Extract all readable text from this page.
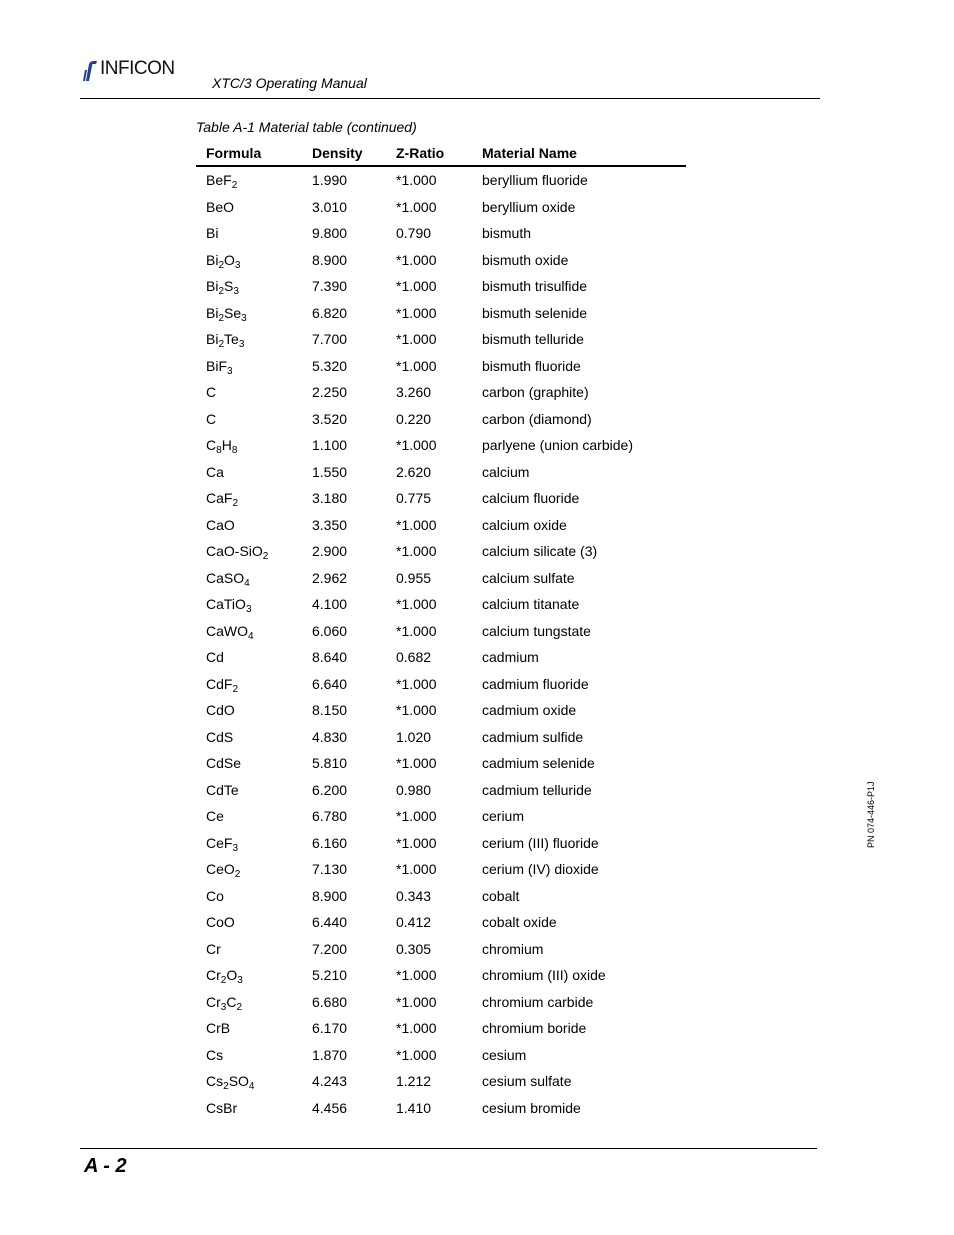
INFICON
XTC/3 Operating Manual
Table A-1 Material table (continued)
Formula	Density	Z-Ratio	Material Name
BeF$_2$	1.990	*1.000	beryllium fluoride
BeO	3.010	*1.000	beryllium oxide
Bi	9.800	0.790	bismuth
$Bi_2O_3$	8.900	*1.000	bismuth oxide
$Bi_2S_3$	7.390	*1.000	bismuth trisulfide
$Bi_2Se_3$	6.820	*1.000	bismuth selenide
$Bi_2Te_3$	7.700	*1.000	bismuth telluride
BiF$_3$	5.320	*1.000	bismuth fluoride
C	2.250	3.260	carbon (graphite)
C	3.520	0.220	carbon (diamond)
$C_8H_8$	1.100	*1.000	parlyene (union carbide)
Ca	1.550	2.620	calcium
CaF$_2$	3.180	0.775	calcium fluoride
CaO	3.350	*1.000	calcium oxide
CaO-SiO$_2$	2.900	*1.000	calcium silicate (3)
CaSO$_4$	2.962	0.955	calcium sulfate
CaTiO$_3$	4.100	*1.000	calcium titanate
CaWO$_4$	6.060	*1.000	calcium tungstate
Cd	8.640	0.682	cadmium
CdF$_2$	6.640	*1.000	cadmium fluoride
CdO	8.150	*1.000	cadmium oxide
CdS	4.830	1.020	cadmium sulfide
CdSe	5.810	*1.000	cadmium selenide
CdTe	6.200	0.980	cadmium telluride
Ce	6.780	*1.000	cerium
CeF$_3$	6.160	*1.000	cerium (III) fluoride
CeO$_2$	7.130	*1.000	cerium (IV) dioxide
Co	8.900	0.343	cobalt
CoO	6.440	0.412	cobalt oxide
Cr	7.200	0.305	chromium
$Cr_2O_3$	5.210	*1.000	chromium (III) oxide
$Cr_3C_2$	6.680	*1.000	chromium carbide
CrB	6.170	*1.000	chromium boride
Cs	1.870	*1.000	cesium
$Cs_2SO_4$	4.243	1.212	cesium sulfate
CsBr	4.456	1.410	cesium bromide
PN 074-446-P1J
A - 2
